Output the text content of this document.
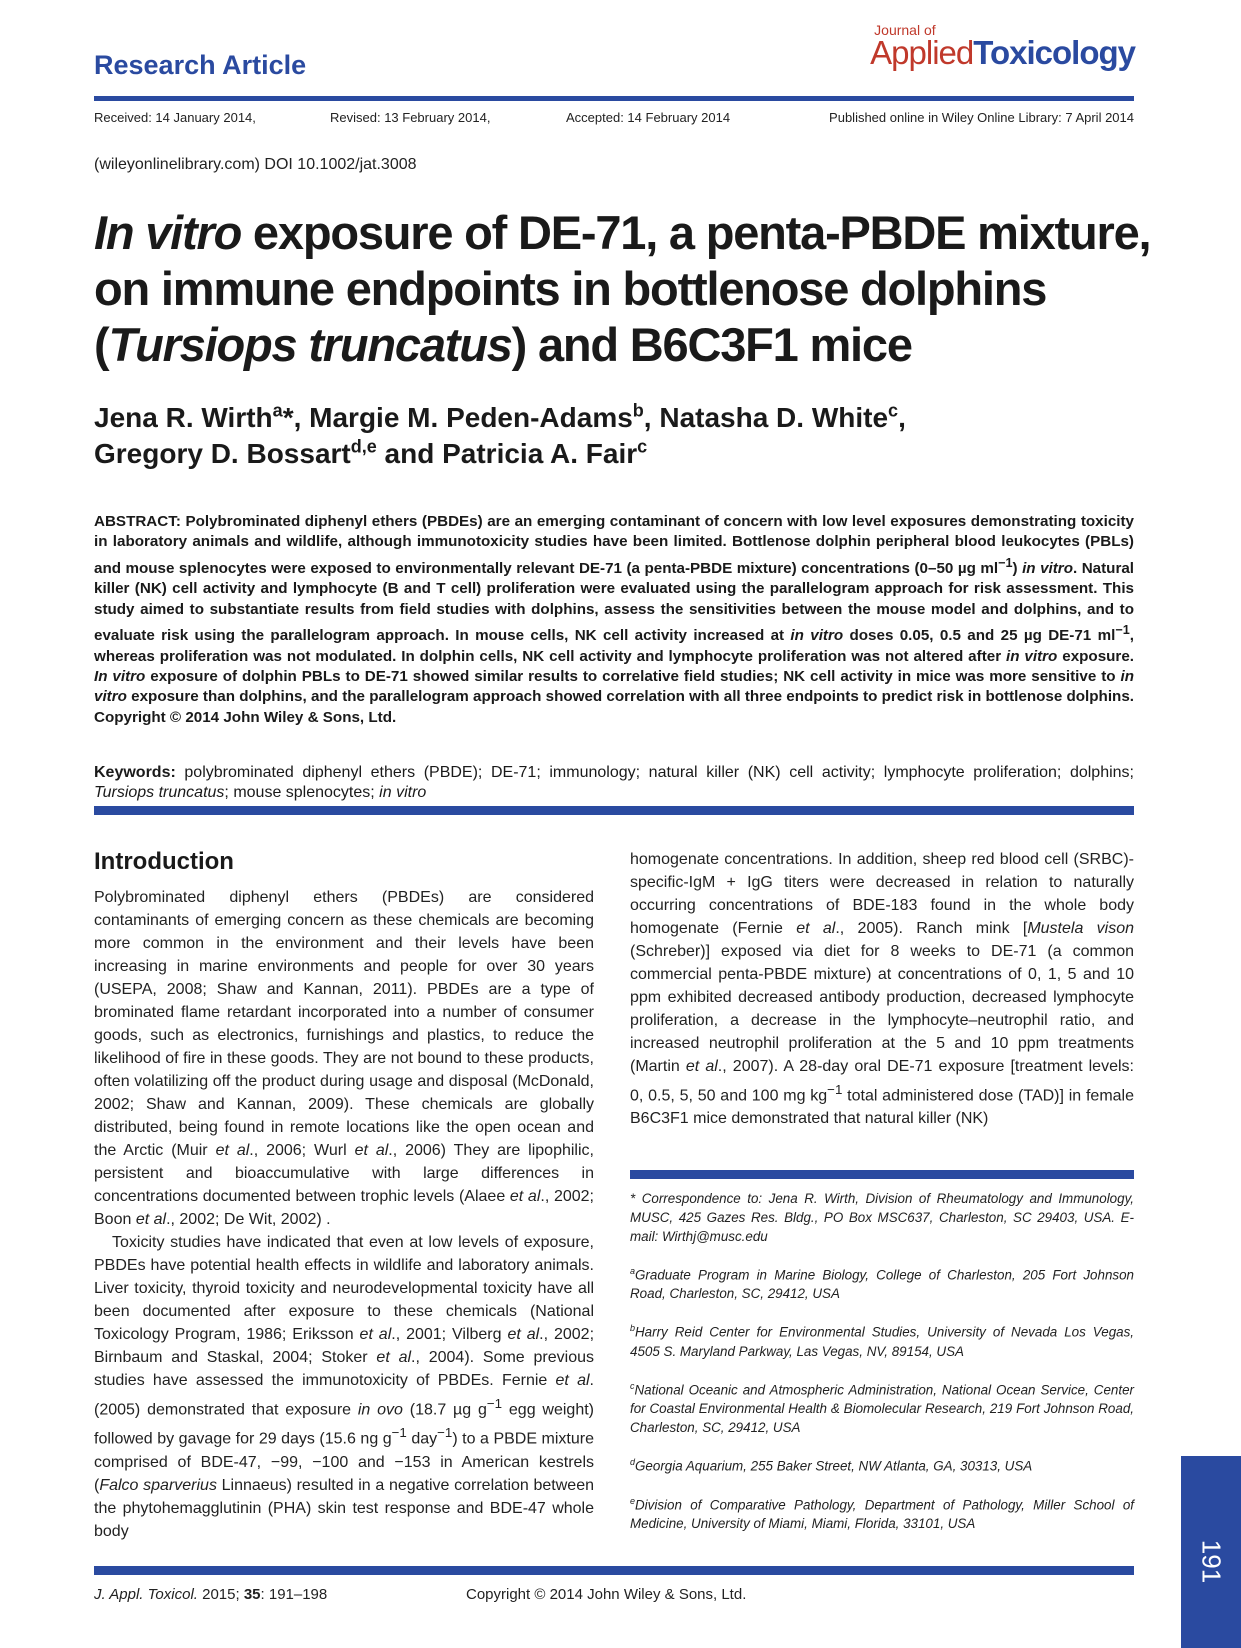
Research Article
Journal of
AppliedToxicology
Received: 14 January 2014,	Revised: 13 February 2014,	Accepted: 14 February 2014	Published online in Wiley Online Library: 7 April 2014
(wileyonlinelibrary.com) DOI 10.1002/jat.3008
In vitro exposure of DE-71, a penta-PBDE mixture,
on immune endpoints in bottlenose dolphins
(Tursiops truncatus) and B6C3F1 mice
Jena R. Wirth$^a$*, Margie M. Peden-Adams$^b$, Natasha D. White$^c$,
Gregory D. Bossart$^{d,e}$ and Patricia A. Fair$^c$
ABSTRACT: Polybrominated diphenyl ethers (PBDEs) are an emerging contaminant of concern with low level exposures demonstrating toxicity in laboratory animals and wildlife, although immunotoxicity studies have been limited. Bottlenose dolphin peripheral blood leukocytes (PBLs) and mouse splenocytes were exposed to environmentally relevant DE-71 (a penta-PBDE mixture) concentrations (0–50 µg $ml^{-1}$) in vitro. Natural killer (NK) cell activity and lymphocyte (B and T cell) proliferation were evaluated using the parallelogram approach for risk assessment. This study aimed to substantiate results from field studies with dolphins, assess the sensitivities between the mouse model and dolphins, and to evaluate risk using the parallelogram approach. In mouse cells, NK cell activity increased at in vitro doses 0.05, 0.5 and 25 µg DE-71 $ml^{-1}$, whereas proliferation was not modulated. In dolphin cells, NK cell activity and lymphocyte proliferation was not altered after in vitro exposure. In vitro exposure of dolphin PBLs to DE-71 showed similar results to correlative field studies; NK cell activity in mice was more sensitive to in vitro exposure than dolphins, and the parallelogram approach showed correlation with all three endpoints to predict risk in bottlenose dolphins. Copyright © 2014 John Wiley & Sons, Ltd.
Keywords: polybrominated diphenyl ethers (PBDE); DE-71; immunology; natural killer (NK) cell activity; lymphocyte proliferation; dolphins; Tursiops truncatus; mouse splenocytes; in vitro
Introduction

Polybrominated diphenyl ethers (PBDEs) are considered contaminants of emerging concern as these chemicals are becoming more common in the environment and their levels have been increasing in marine environments and people for over 30 years (USEPA, 2008; Shaw and Kannan, 2011). PBDEs are a type of brominated flame retardant incorporated into a number of consumer goods, such as electronics, furnishings and plastics, to reduce the likelihood of fire in these goods. They are not bound to these products, often volatilizing off the product during usage and disposal (McDonald, 2002; Shaw and Kannan, 2009). These chemicals are globally distributed, being found in remote locations like the open ocean and the Arctic (Muir et al., 2006; Wurl et al., 2006) They are lipophilic, persistent and bioaccumulative with large differences in concentrations documented between trophic levels (Alaee et al., 2002; Boon et al., 2002; De Wit, 2002) .

Toxicity studies have indicated that even at low levels of exposure, PBDEs have potential health effects in wildlife and laboratory animals. Liver toxicity, thyroid toxicity and neurodevelopmental toxicity have all been documented after exposure to these chemicals (National Toxicology Program, 1986; Eriksson et al., 2001; Vilberg et al., 2002; Birnbaum and Staskal, 2004; Stoker et al., 2004). Some previous studies have assessed the immunotoxicity of PBDEs. Fernie et al. (2005) demonstrated that exposure in ovo (18.7 µg $g^{-1}$ egg weight) followed by gavage for 29 days (15.6 ng $g^{-1}$ day$^{-1}$) to a PBDE mixture comprised of BDE-47, −99, −100 and −153 in American kestrels (Falco sparverius Linnaeus) resulted in a negative correlation between the phytohemagglutinin (PHA) skin test response and BDE-47 whole body

homogenate concentrations. In addition, sheep red blood cell (SRBC)-specific-IgM + IgG titers were decreased in relation to naturally occurring concentrations of BDE-183 found in the whole body homogenate (Fernie et al., 2005). Ranch mink [Mustela vison (Schreber)] exposed via diet for 8 weeks to DE-71 (a common commercial penta-PBDE mixture) at concentrations of 0, 1, 5 and 10 ppm exhibited decreased antibody production, decreased lymphocyte proliferation, a decrease in the lymphocyte–neutrophil ratio, and increased neutrophil proliferation at the 5 and 10 ppm treatments (Martin et al., 2007). A 28-day oral DE-71 exposure [treatment levels: 0, 0.5, 5, 50 and 100 mg $kg^{-1}$ total administered dose (TAD)] in female B6C3F1 mice demonstrated that natural killer (NK)

* Correspondence to: Jena R. Wirth, Division of Rheumatology and Immunology, MUSC, 425 Gazes Res. Bldg., PO Box MSC637, Charleston, SC 29403, USA. E-mail: Wirthj@musc.edu

$^a$Graduate Program in Marine Biology, College of Charleston, 205 Fort Johnson Road, Charleston, SC, 29412, USA

$^b$Harry Reid Center for Environmental Studies, University of Nevada Los Vegas, 4505 S. Maryland Parkway, Las Vegas, NV, 89154, USA

$^c$National Oceanic and Atmospheric Administration, National Ocean Service, Center for Coastal Environmental Health & Biomolecular Research, 219 Fort Johnson Road, Charleston, SC, 29412, USA

$^d$Georgia Aquarium, 255 Baker Street, NW Atlanta, GA, 30313, USA

$^e$Division of Comparative Pathology, Department of Pathology, Miller School of Medicine, University of Miami, Miami, Florida, 33101, USA

191
J. Appl. Toxicol. 2015; 35: 191–198	Copyright © 2014 John Wiley & Sons, Ltd.
